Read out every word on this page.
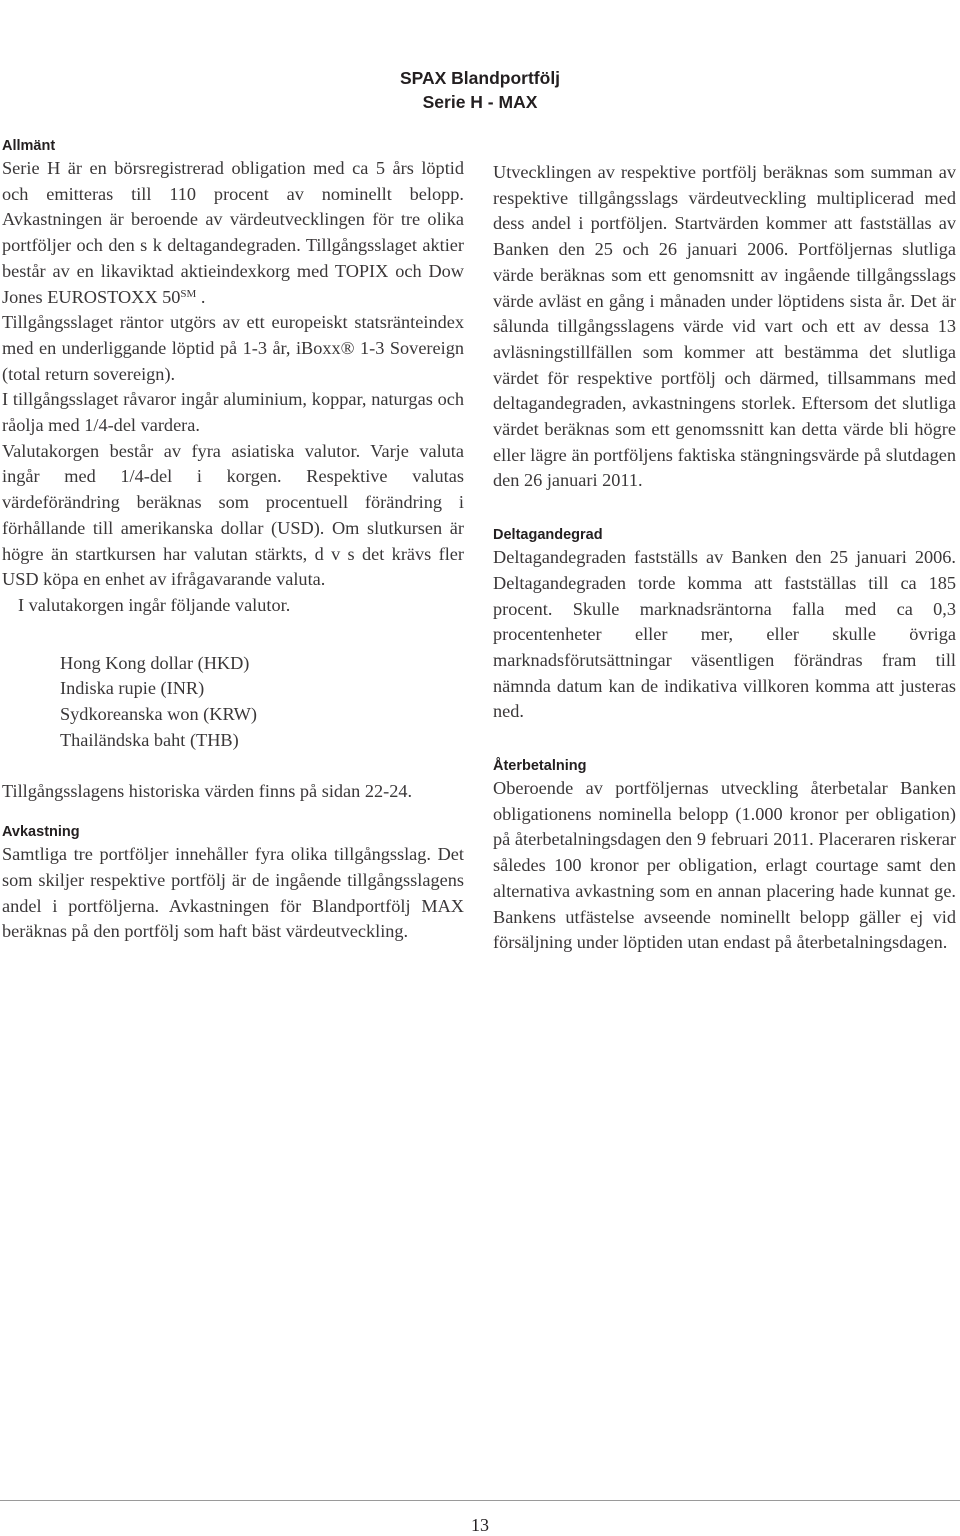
SPAX Blandportfölj
Serie H - MAX
Allmänt

Serie H är en börsregistrerad obligation med ca 5 års löptid och emitteras till 110 procent av nominellt belopp. Avkastningen är beroende av värdeutvecklingen för tre olika portföljer och den s k deltagandegraden. Tillgångsslaget aktier består av en likaviktad aktieindexkorg med TOPIX och Dow Jones EUROSTOXX 50℠ .

Tillgångsslaget räntor utgörs av ett europeiskt statsränteindex med en underliggande löptid på 1-3 år, iBoxx® 1-3 Sovereign (total return sovereign).

I tillgångsslaget råvaror ingår aluminium, koppar, naturgas och råolja med 1/4-del vardera.

Valutakorgen består av fyra asiatiska valutor. Varje valuta ingår med 1/4-del i korgen. Respektive valutas värdeförändring beräknas som procentuell förändring i förhållande till amerikanska dollar (USD). Om slutkursen är högre än startkursen har valutan stärkts, d v s det krävs fler USD köpa en enhet av ifrågavarande valuta.

I valutakorgen ingår följande valutor.

Hong Kong dollar (HKD)
Indiska rupie (INR)
Sydkoreanska won (KRW)
Thailändska baht (THB)

Tillgångsslagens historiska värden finns på sidan 22-24.

Avkastning

Samtliga tre portföljer innehåller fyra olika tillgångsslag. Det som skiljer respektive portfölj är de ingående tillgångsslagens andel i portföljerna. Avkastningen för Blandportfölj MAX beräknas på den portfölj som haft bäst värdeutveckling.

Utvecklingen av respektive portfölj beräknas som summan av respektive tillgångsslags värdeutveckling multiplicerad med dess andel i portföljen. Startvärden kommer att fastställas av Banken den 25 och 26 januari 2006. Portföljernas slutliga värde beräknas som ett genomsnitt av ingående tillgångsslags värde avläst en gång i månaden under löptidens sista år. Det är sålunda tillgångsslagens värde vid vart och ett av dessa 13 avläsningstillfällen som kommer att bestämma det slutliga värdet för respektive portfölj och därmed, tillsammans med deltagandegraden, avkastningens storlek. Eftersom det slutliga värdet beräknas som ett genomssnitt kan detta värde bli högre eller lägre än portföljens faktiska stängningsvärde på slutdagen den 26 januari 2011.

Deltagandegrad

Deltagandegraden fastställs av Banken den 25 januari 2006. Deltagandegraden torde komma att fastställas till ca 185 procent. Skulle marknadsräntorna falla med ca 0,3 procentenheter eller mer, eller skulle övriga marknadsförutsättningar väsentligen förändras fram till nämnda datum kan de indikativa villkoren komma att justeras ned.

Återbetalning

Oberoende av portföljernas utveckling återbetalar Banken obligationens nominella belopp (1.000 kronor per obligation) på återbetalningsdagen den 9 februari 2011. Placeraren riskerar således 100 kronor per obligation, erlagt courtage samt den alternativa avkastning som en annan placering hade kunnat ge. Bankens utfästelse avseende nominellt belopp gäller ej vid försäljning under löptiden utan endast på återbetalningsdagen.

13
